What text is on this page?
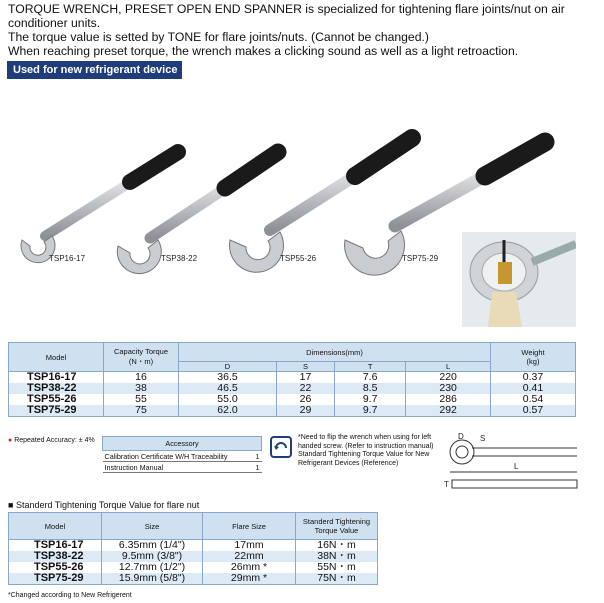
TORQUE WRENCH, PRESET OPEN END SPANNER is specialized for tightening flare joints/nut on air conditioner units.

The torque value is setted by TONE for flare joints/nuts. (Cannot be changed.)

When reaching preset torque, the wrench makes a clicking sound as well as a light retroaction.

Used for new refrigerant device
TSP16-17	TSP38-22	TSP55-26	TSP75-29
Model	Capacity Torque
(N・m)	Dimensions(mm)				Weight
(kg)
		D	S	T	L	
TSP16-17	16	36.5	17	7.6	220	0.37
TSP38-22	38	46.5	22	8.5	230	0.41
TSP55-26	55	55.0	26	9.7	286	0.54
TSP75-29	75	62.0	29	9.7	292	0.57
● Repeated Accuracy: ± 4%	Accessory	
Calibration Certificate W/H Traceability	1
Instruction Manual	1
*Need to flip the wrench when using for left handed screw. (Refer to instruction manual)
Standard Tightening Torque Value for New Refrigerant Devices (Reference)
D S
T
L
■ Standerd Tightening Torque Value for flare nut
Model	Size	Flare Size	Standerd Tightening
Torque Value
TSP16-17	6.35mm (1/4")	17mm	16N・m
TSP38-22	9.5mm (3/8")	22mm	38N・m
TSP55-26	12.7mm (1/2")	26mm *	55N・m
TSP75-29	15.9mm (5/8")	29mm *	75N・m
*Changed according to New Refrigerent
